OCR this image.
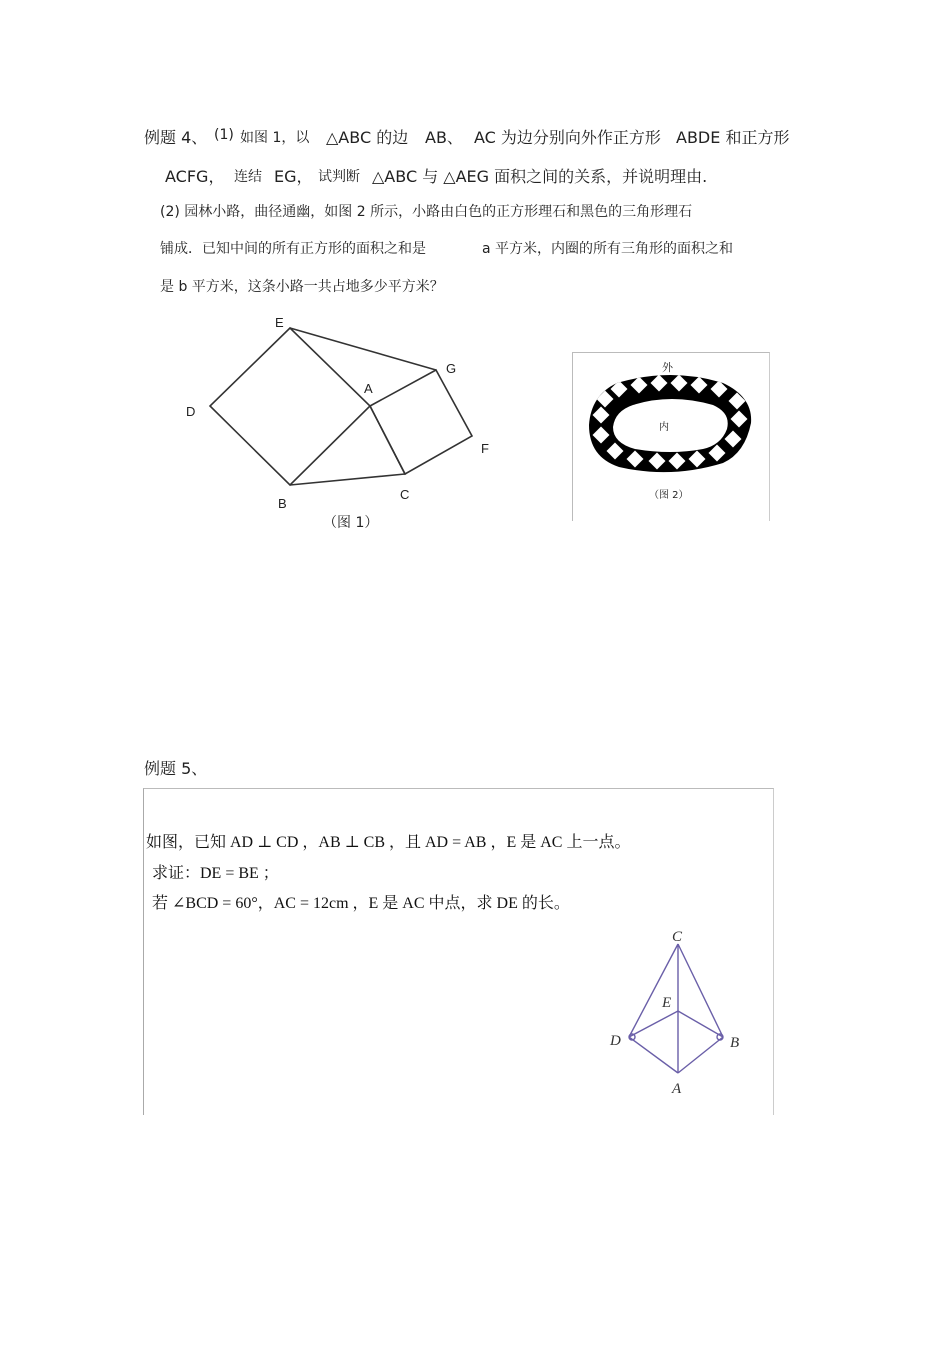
例题 4、 (1) 如图 1，以 △ABC 的边 AB、 AC 为边分别向外作正方形 ABDE 和正方形
ACFG， 连结 EG， 试判断 △ABC 与 △AEG 面积之间的关系，并说明理由.
(2) 园林小路，曲径通幽，如图 2 所示，小路由白色的正方形理石和黑色的三角形理石
铺成．已知中间的所有正方形的面积之和是	a 平方米，内圈的所有三角形的面积之和
是 b 平方米，这条小路一共占地多少平方米？
E
A
G
D
F
B
C
（图 1）
外
内
（图 2）
例题 5、
如图，已知 AD ⊥ CD ，AB ⊥ CB ，且 AD = AB ，E 是 AC 上一点。
求证：DE = BE ；
若 ∠BCD = 60°，AC = 12cm ，E 是 AC 中点，求 DE 的长。
C
E
D	B
A
